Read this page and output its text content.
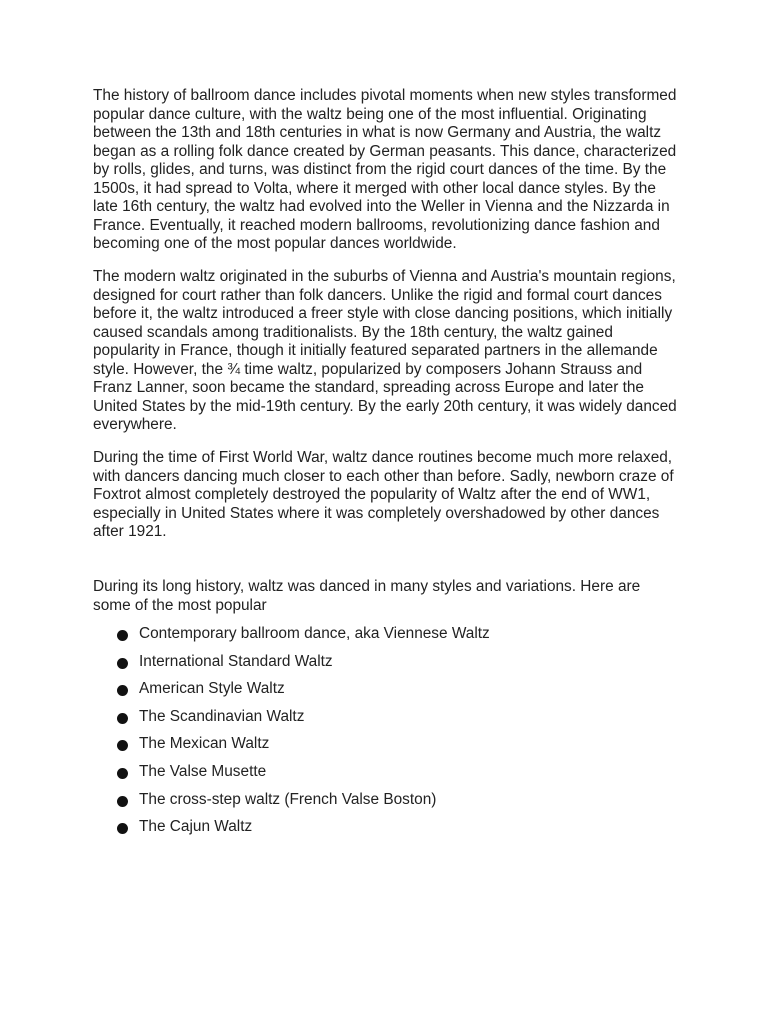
The history of ballroom dance includes pivotal moments when new styles transformed popular dance culture, with the waltz being one of the most influential. Originating between the 13th and 18th centuries in what is now Germany and Austria, the waltz began as a rolling folk dance created by German peasants. This dance, characterized by rolls, glides, and turns, was distinct from the rigid court dances of the time. By the 1500s, it had spread to Volta, where it merged with other local dance styles. By the late 16th century, the waltz had evolved into the Weller in Vienna and the Nizzarda in France. Eventually, it reached modern ballrooms, revolutionizing dance fashion and becoming one of the most popular dances worldwide.

The modern waltz originated in the suburbs of Vienna and Austria's mountain regions, designed for court rather than folk dancers. Unlike the rigid and formal court dances before it, the waltz introduced a freer style with close dancing positions, which initially caused scandals among traditionalists. By the 18th century, the waltz gained popularity in France, though it initially featured separated partners in the allemande style. However, the ¾ time waltz, popularized by composers Johann Strauss and Franz Lanner, soon became the standard, spreading across Europe and later the United States by the mid-19th century. By the early 20th century, it was widely danced everywhere.

During the time of First World War, waltz dance routines become much more relaxed, with dancers dancing much closer to each other than before. Sadly, newborn craze of Foxtrot almost completely destroyed the popularity of Waltz after the end of WW1, especially in United States where it was completely overshadowed by other dances after 1921.

During its long history, waltz was danced in many styles and variations. Here are some of the most popular

Contemporary ballroom dance, aka Viennese Waltz
International Standard Waltz
American Style Waltz
The Scandinavian Waltz
The Mexican Waltz
The Valse Musette
The cross-step waltz (French Valse Boston)
The Cajun Waltz
